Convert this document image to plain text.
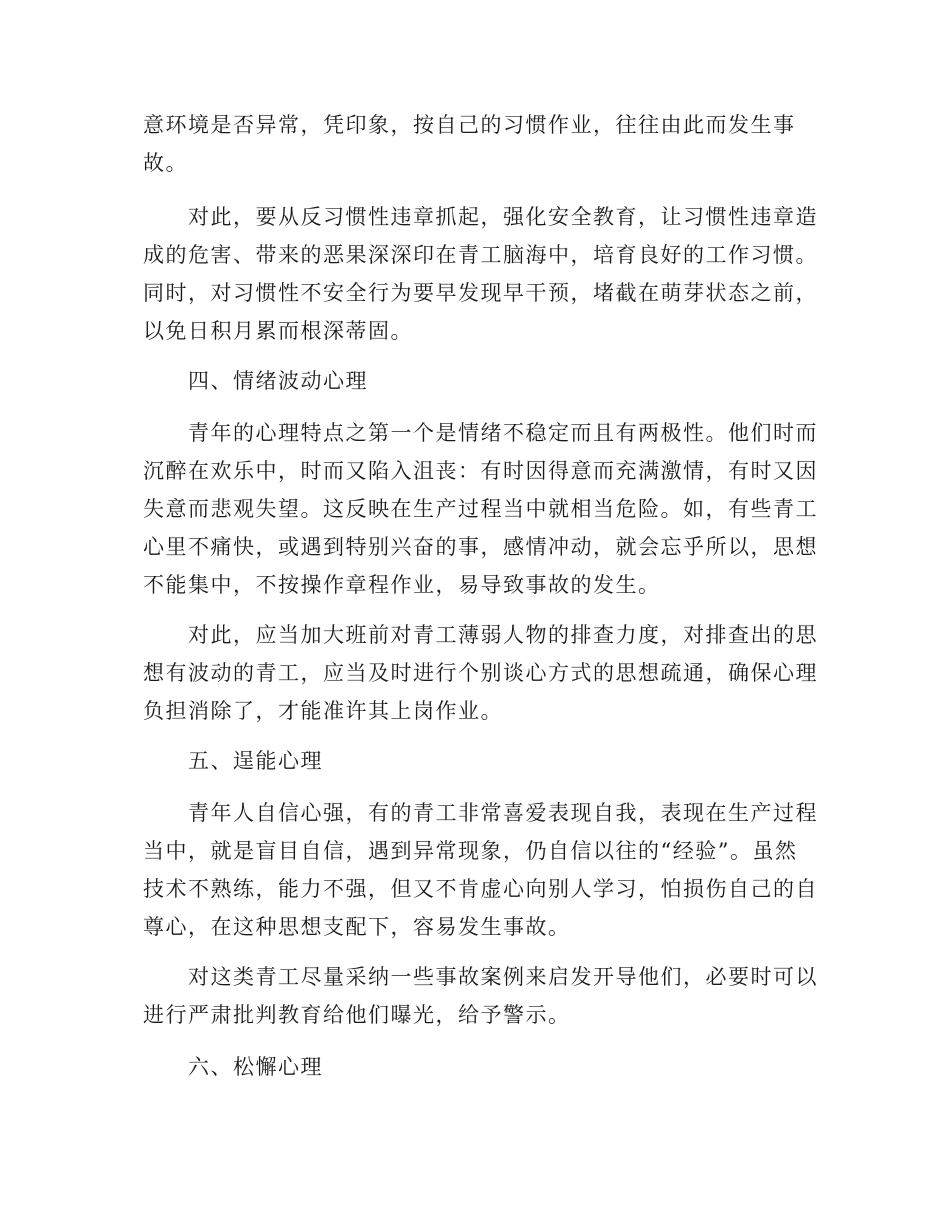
意环境是否异常，凭印象，按自己的习惯作业，往往由此而发生事
故。

对此，要从反习惯性违章抓起，强化安全教育，让习惯性违章造
成的危害、带来的恶果深深印在青工脑海中，培育良好的工作习惯。
同时，对习惯性不安全行为要早发现早干预，堵截在萌芽状态之前，
以免日积月累而根深蒂固。

四、情绪波动心理

青年的心理特点之第一个是情绪不稳定而且有两极性。他们时而
沉醉在欢乐中，时而又陷入沮丧：有时因得意而充满激情，有时又因
失意而悲观失望。这反映在生产过程当中就相当危险。如，有些青工
心里不痛快，或遇到特别兴奋的事，感情冲动，就会忘乎所以，思想
不能集中，不按操作章程作业，易导致事故的发生。

对此，应当加大班前对青工薄弱人物的排查力度，对排查出的思
想有波动的青工，应当及时进行个别谈心方式的思想疏通，确保心理
负担消除了，才能准许其上岗作业。

五、逞能心理

青年人自信心强，有的青工非常喜爱表现自我，表现在生产过程
当中，就是盲目自信，遇到异常现象，仍自信以往的“经验”。虽然
技术不熟练，能力不强，但又不肯虚心向别人学习，怕损伤自己的自
尊心，在这种思想支配下，容易发生事故。

对这类青工尽量采纳一些事故案例来启发开导他们，必要时可以
进行严肃批判教育给他们曝光，给予警示。

六、松懈心理
